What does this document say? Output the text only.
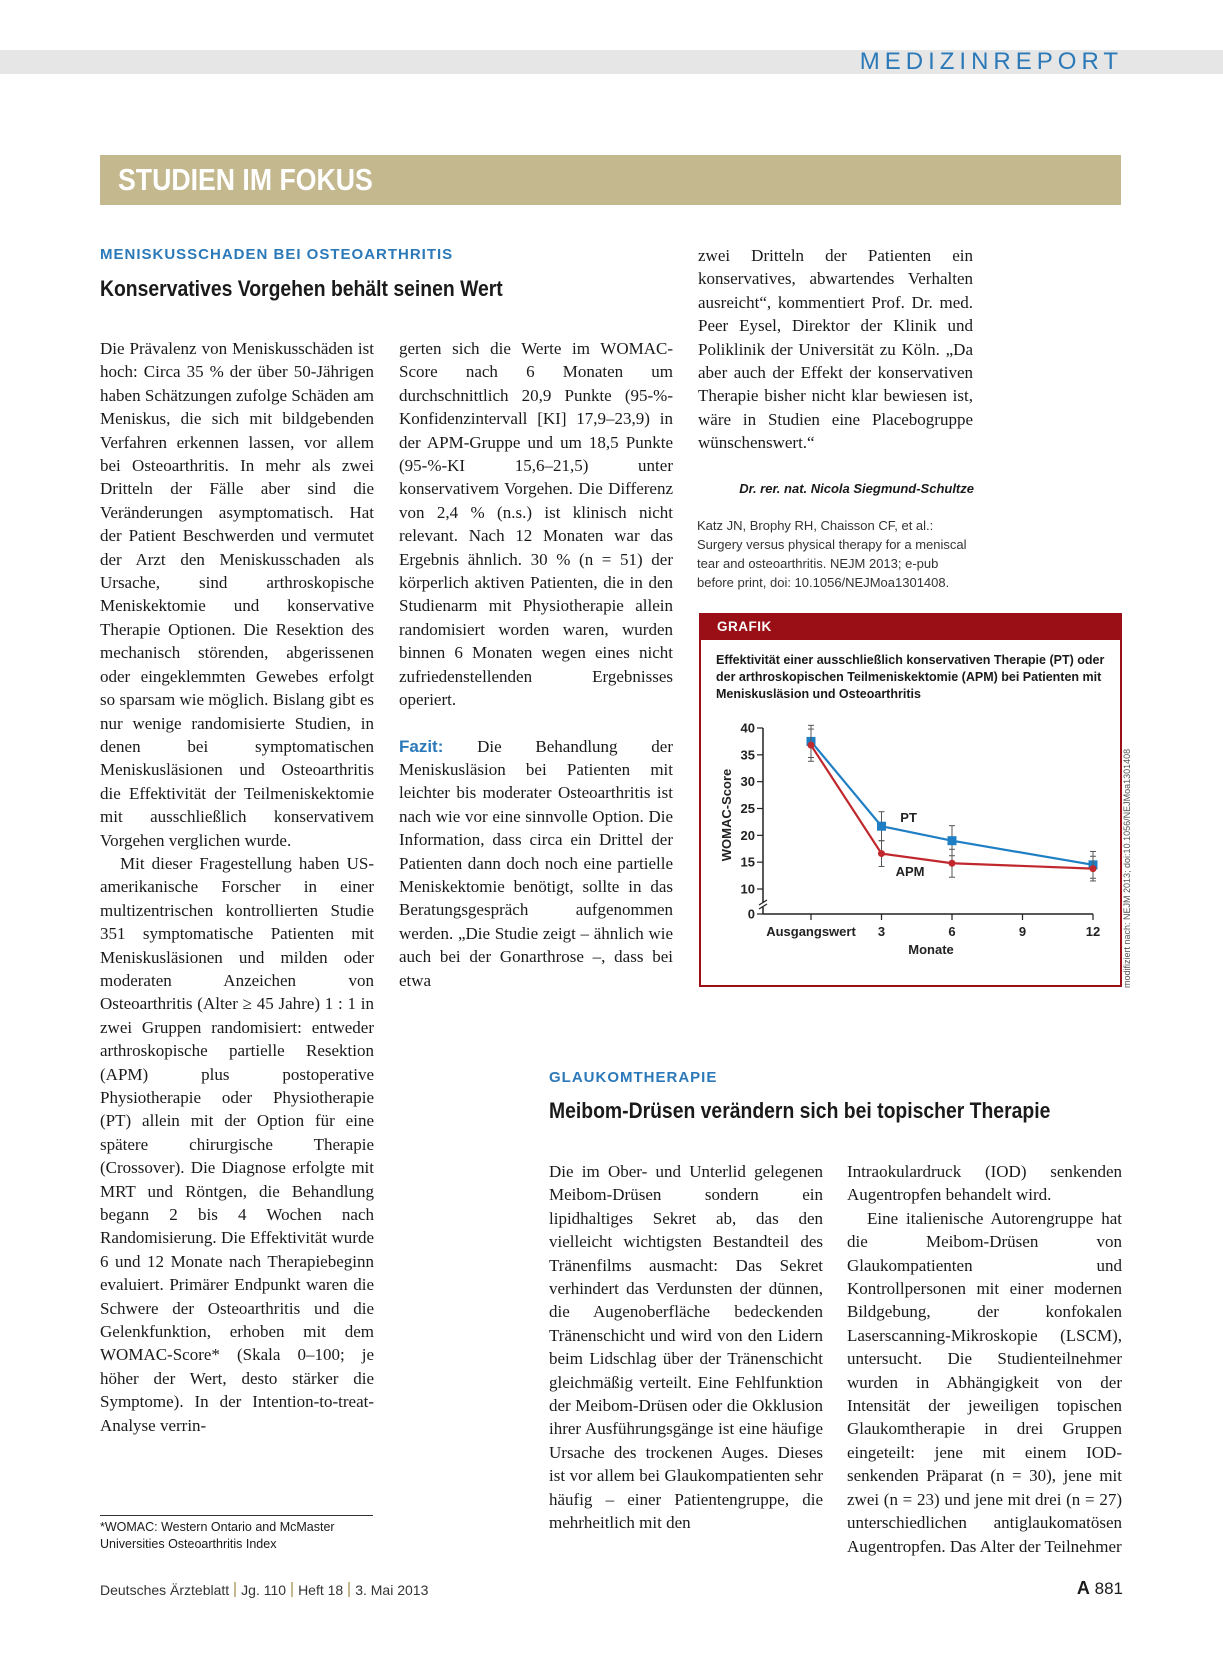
MEDIZINREPORT
STUDIEN IM FOKUS
MENISKUSSCHADEN BEI OSTEOARTHRITIS
Konservatives Vorgehen behält seinen Wert

Die Prävalenz von Meniskusschäden ist hoch: Circa 35 % der über 50-Jährigen haben Schätzungen zufolge Schäden am Meniskus, die sich mit bildgebenden Verfahren erkennen lassen, vor allem bei Osteoarthritis. In mehr als zwei Dritteln der Fälle aber sind die Veränderungen asymptomatisch. Hat der Patient Beschwerden und vermutet der Arzt den Meniskusschaden als Ursache, sind arthroskopische Meniskektomie und konservative Therapie Optionen. Die Resektion des mechanisch störenden, abgerissenen oder eingeklemmten Gewebes erfolgt so sparsam wie möglich. Bislang gibt es nur wenige randomisierte Studien, in denen bei symptomatischen Meniskusläsionen und Osteoarthritis die Effektivität der Teilmeniskektomie mit ausschließlich konservativem Vorgehen verglichen wurde.

Mit dieser Fragestellung haben US-amerikanische Forscher in einer multizentrischen kontrollierten Studie 351 symptomatische Patienten mit Meniskusläsionen und milden oder moderaten Anzeichen von Osteoarthritis (Alter ≥ 45 Jahre) 1 : 1 in zwei Gruppen randomisiert: entweder arthroskopische partielle Resektion (APM) plus postoperative Physiotherapie oder Physiotherapie (PT) allein mit der Option für eine spätere chirurgische Therapie (Crossover). Die Diagnose erfolgte mit MRT und Röntgen, die Behandlung begann 2 bis 4 Wochen nach Randomisierung. Die Effektivität wurde 6 und 12 Monate nach Therapiebeginn evaluiert. Primärer Endpunkt waren die Schwere der Osteoarthritis und die Gelenkfunktion, erhoben mit dem WOMAC-Score* (Skala 0–100; je höher der Wert, desto stärker die Symptome). In der Intention-to-treat-Analyse verrin-

gerten sich die Werte im WOMAC-Score nach 6 Monaten um durchschnittlich 20,9 Punkte (95-%-Konfidenzintervall [KI] 17,9–23,9) in der APM-Gruppe und um 18,5 Punkte (95-%-KI 15,6–21,5) unter konservativem Vorgehen. Die Differenz von 2,4 % (n.s.) ist klinisch nicht relevant. Nach 12 Monaten war das Ergebnis ähnlich. 30 % (n = 51) der körperlich aktiven Patienten, die in den Studienarm mit Physiotherapie allein randomisiert worden waren, wurden binnen 6 Monaten wegen eines nicht zufriedenstellenden Ergebnisses operiert.

Fazit: Die Behandlung der Meniskusläsion bei Patienten mit leichter bis moderater Osteoarthritis ist nach wie vor eine sinnvolle Option. Die Information, dass circa ein Drittel der Patienten dann doch noch eine partielle Meniskektomie benötigt, sollte in das Beratungsgespräch aufgenommen werden. „Die Studie zeigt – ähnlich wie auch bei der Gonarthrose –, dass bei etwa

zwei Dritteln der Patienten ein konservatives, abwartendes Verhalten ausreicht“, kommentiert Prof. Dr. med. Peer Eysel, Direktor der Klinik und Poliklinik der Universität zu Köln. „Da aber auch der Effekt der konservativen Therapie bisher nicht klar bewiesen ist, wäre in Studien eine Placebogruppe wünschenswert.“

Dr. rer. nat. Nicola Siegmund-Schultze
Katz JN, Brophy RH, Chaisson CF, et al.: Surgery versus physical therapy for a meniscal tear and osteoarthritis. NEJM 2013; e-pub before print, doi: 10.1056/NEJMoa1301408.
GRAFIK
Effektivität einer ausschließlich konservativen Therapie (PT) oder der arthroskopischen Teilmeniskektomie (APM) bei Patienten mit Meniskusläsion und Osteoarthritis
0
10
15
20
25
30
35
40
Ausgangswert 3	6	9	12
Monate
WOMAC-Score	PT
APM	modifiziert nach: NEJM 2013; doi:10.1056/NEJMoa1301408
GLAUKOMTHERAPIE
Meibom-Drüsen verändern sich bei topischer Therapie

Die im Ober- und Unterlid gelegenen Meibom-Drüsen sondern ein lipidhaltiges Sekret ab, das den vielleicht wichtigsten Bestandteil des Tränenfilms ausmacht: Das Sekret verhindert das Verdunsten der dünnen, die Augenoberfläche bedeckenden Tränenschicht und wird von den Lidern beim Lidschlag über der Tränenschicht gleichmäßig verteilt. Eine Fehlfunktion der Meibom-Drüsen oder die Okklusion ihrer Ausführungsgänge ist eine häufige Ursache des trockenen Auges. Dieses ist vor allem bei Glaukompatienten sehr häufig – einer Patientengruppe, die mehrheitlich mit den

Intraokulardruck (IOD) senkenden Augentropfen behandelt wird.

Eine italienische Autorengruppe hat die Meibom-Drüsen von Glaukompatienten und Kontrollpersonen mit einer modernen Bildgebung, der konfokalen Laserscanning-Mikroskopie (LSCM), untersucht. Die Studienteilnehmer wurden in Abhängigkeit von der Intensität der jeweiligen topischen Glaukomtherapie in drei Gruppen eingeteilt: jene mit einem IOD-senkenden Präparat (n = 30), jene mit zwei (n = 23) und jene mit drei (n = 27) unterschiedlichen antiglaukomatösen Augentropfen. Das Alter der Teilnehmer

*WOMAC: Western Ontario and McMaster Universities Osteoarthritis Index
Deutsches Ärzteblatt Jg. 110 Heft 18 3. Mai 2013	A 881
